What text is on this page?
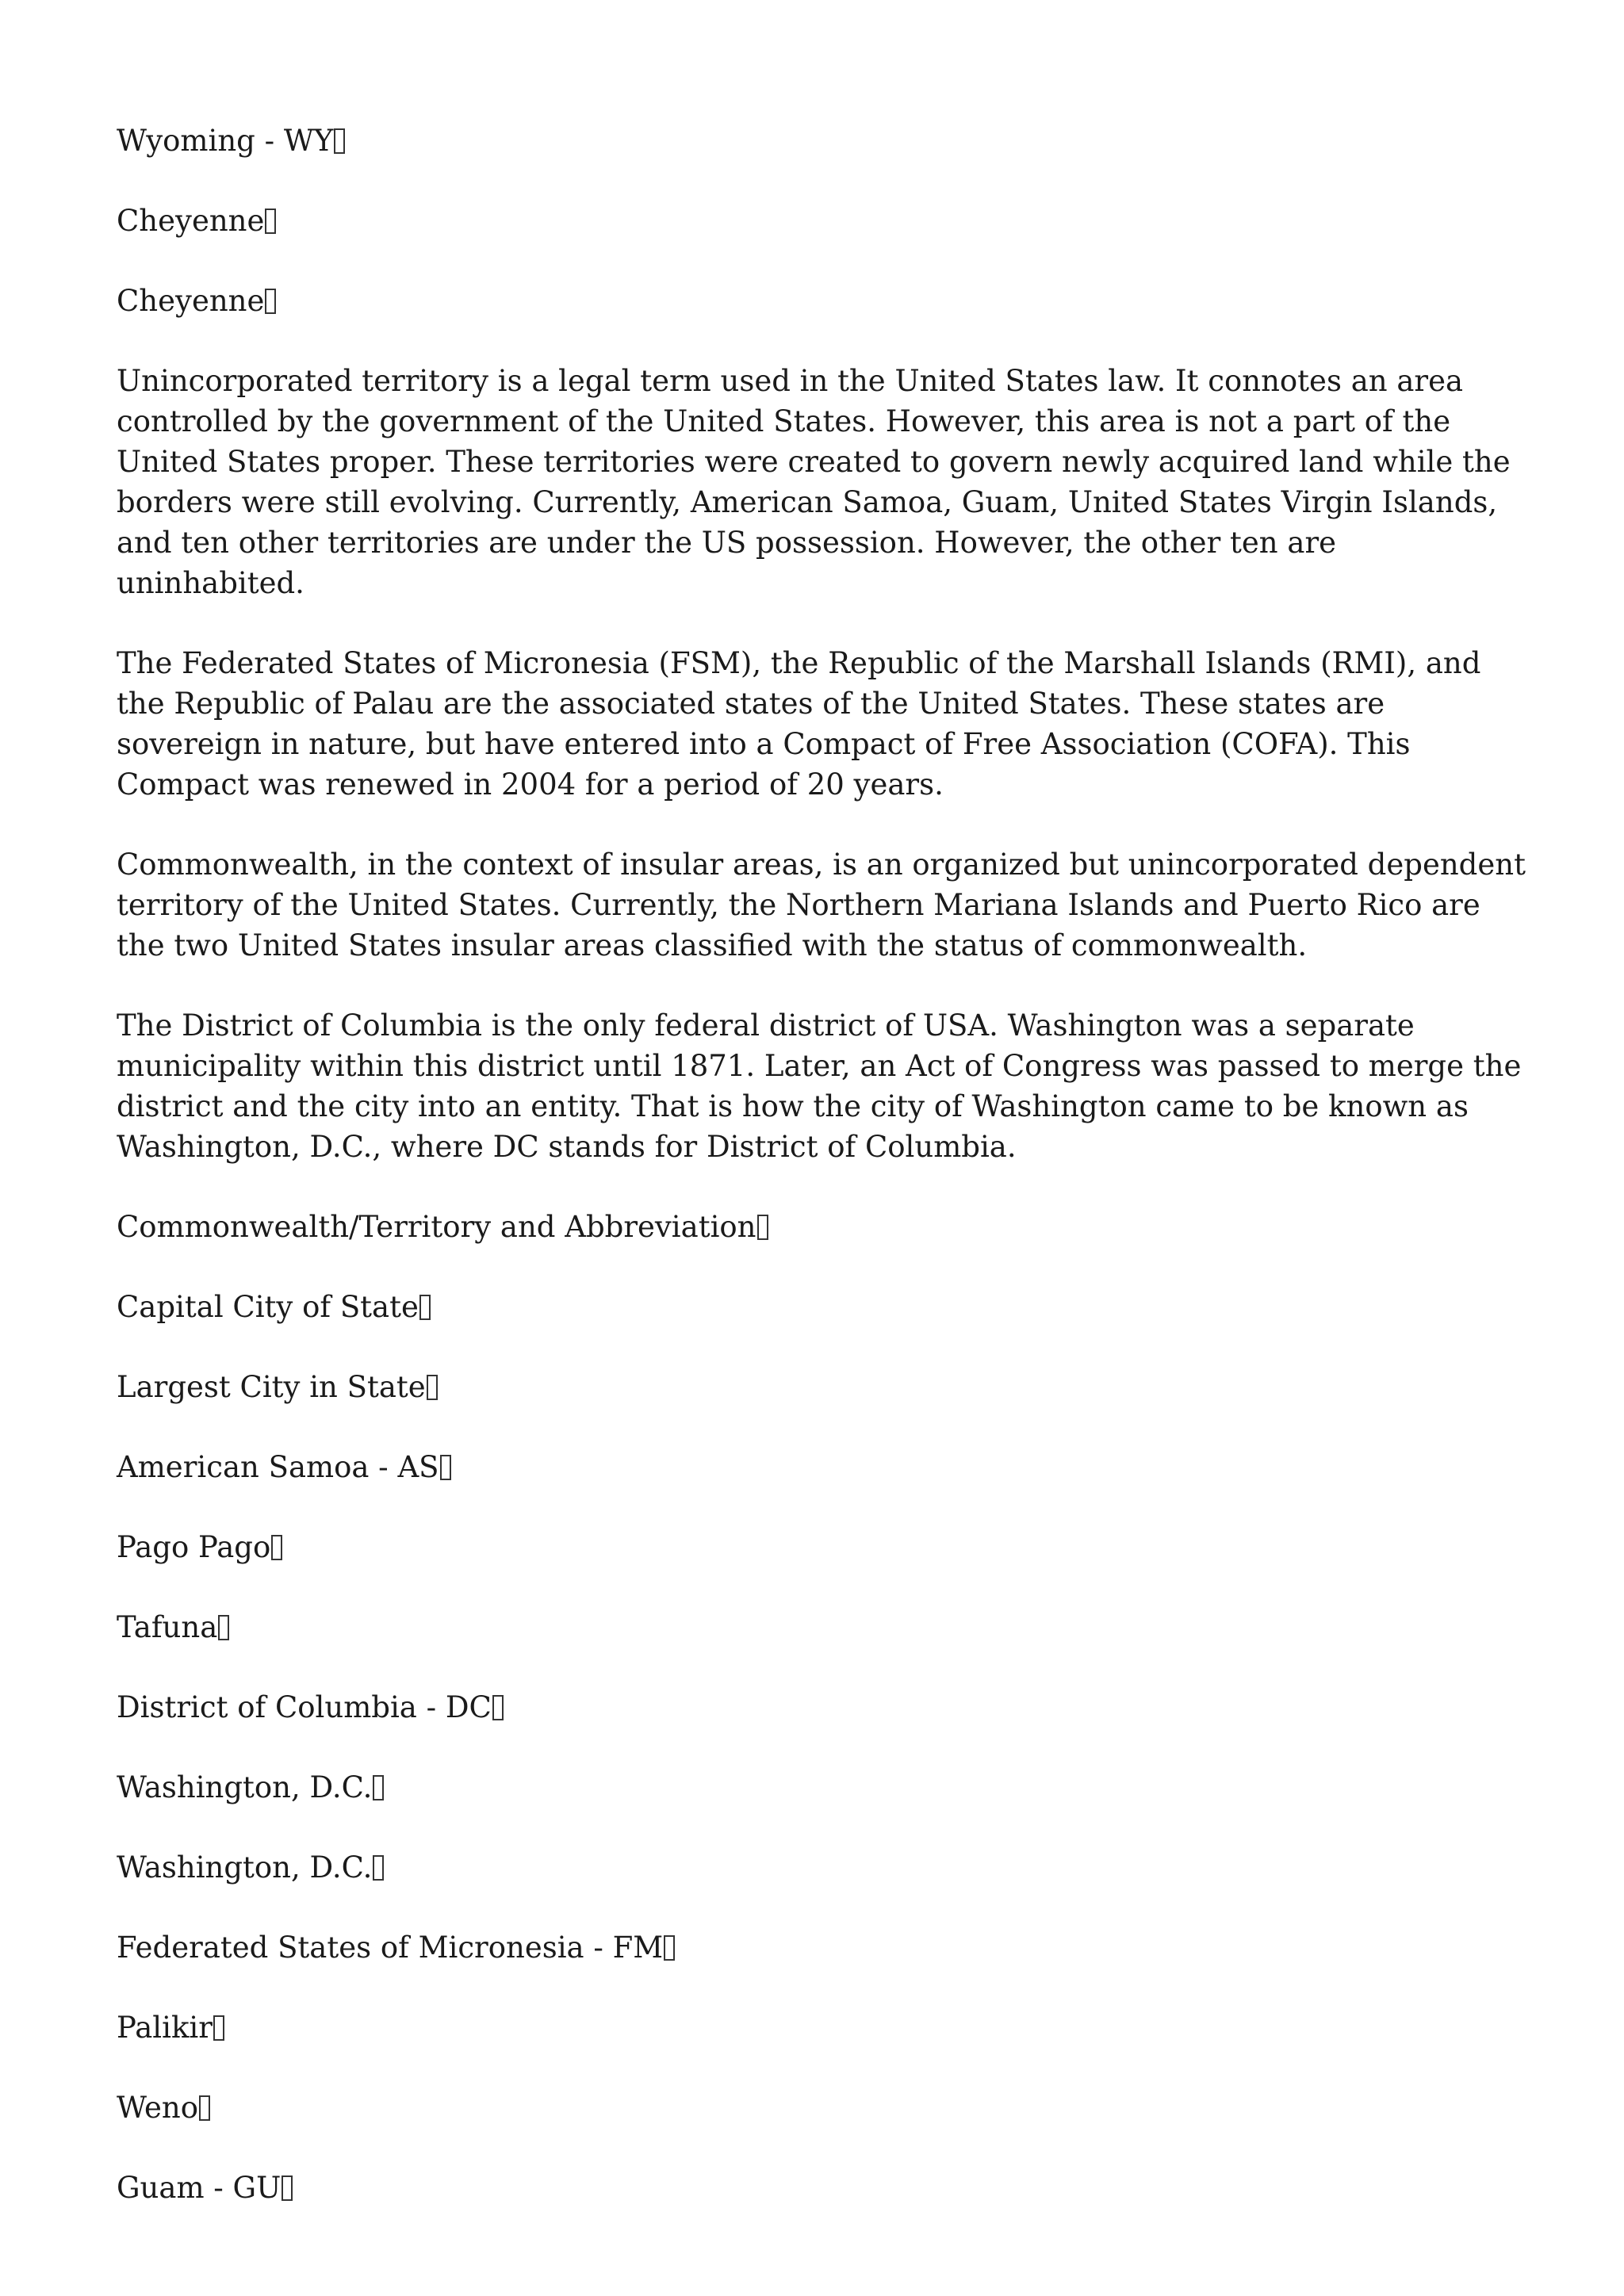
Wyoming - WY

Cheyenne

Cheyenne

Unincorporated territory is a legal term used in the United States law. It connotes an area controlled by the government of the United States. However, this area is not a part of the United States proper. These territories were created to govern newly acquired land while the borders were still evolving. Currently, American Samoa, Guam, United States Virgin Islands, and ten other territories are under the US possession. However, the other ten are uninhabited.

The Federated States of Micronesia (FSM), the Republic of the Marshall Islands (RMI), and the Republic of Palau are the associated states of the United States. These states are sovereign in nature, but have entered into a Compact of Free Association (COFA). This Compact was renewed in 2004 for a period of 20 years.

Commonwealth, in the context of insular areas, is an organized but unincorporated dependent territory of the United States. Currently, the Northern Mariana Islands and Puerto Rico are the two United States insular areas classified with the status of commonwealth.

The District of Columbia is the only federal district of USA. Washington was a separate municipality within this district until 1871. Later, an Act of Congress was passed to merge the district and the city into an entity. That is how the city of Washington came to be known as Washington, D.C., where DC stands for District of Columbia.

Commonwealth/Territory and Abbreviation

Capital City of State

Largest City in State

American Samoa - AS

Pago Pago

Tafuna

District of Columbia - DC

Washington, D.C.

Washington, D.C.

Federated States of Micronesia - FM

Palikir

Weno

Guam - GU
